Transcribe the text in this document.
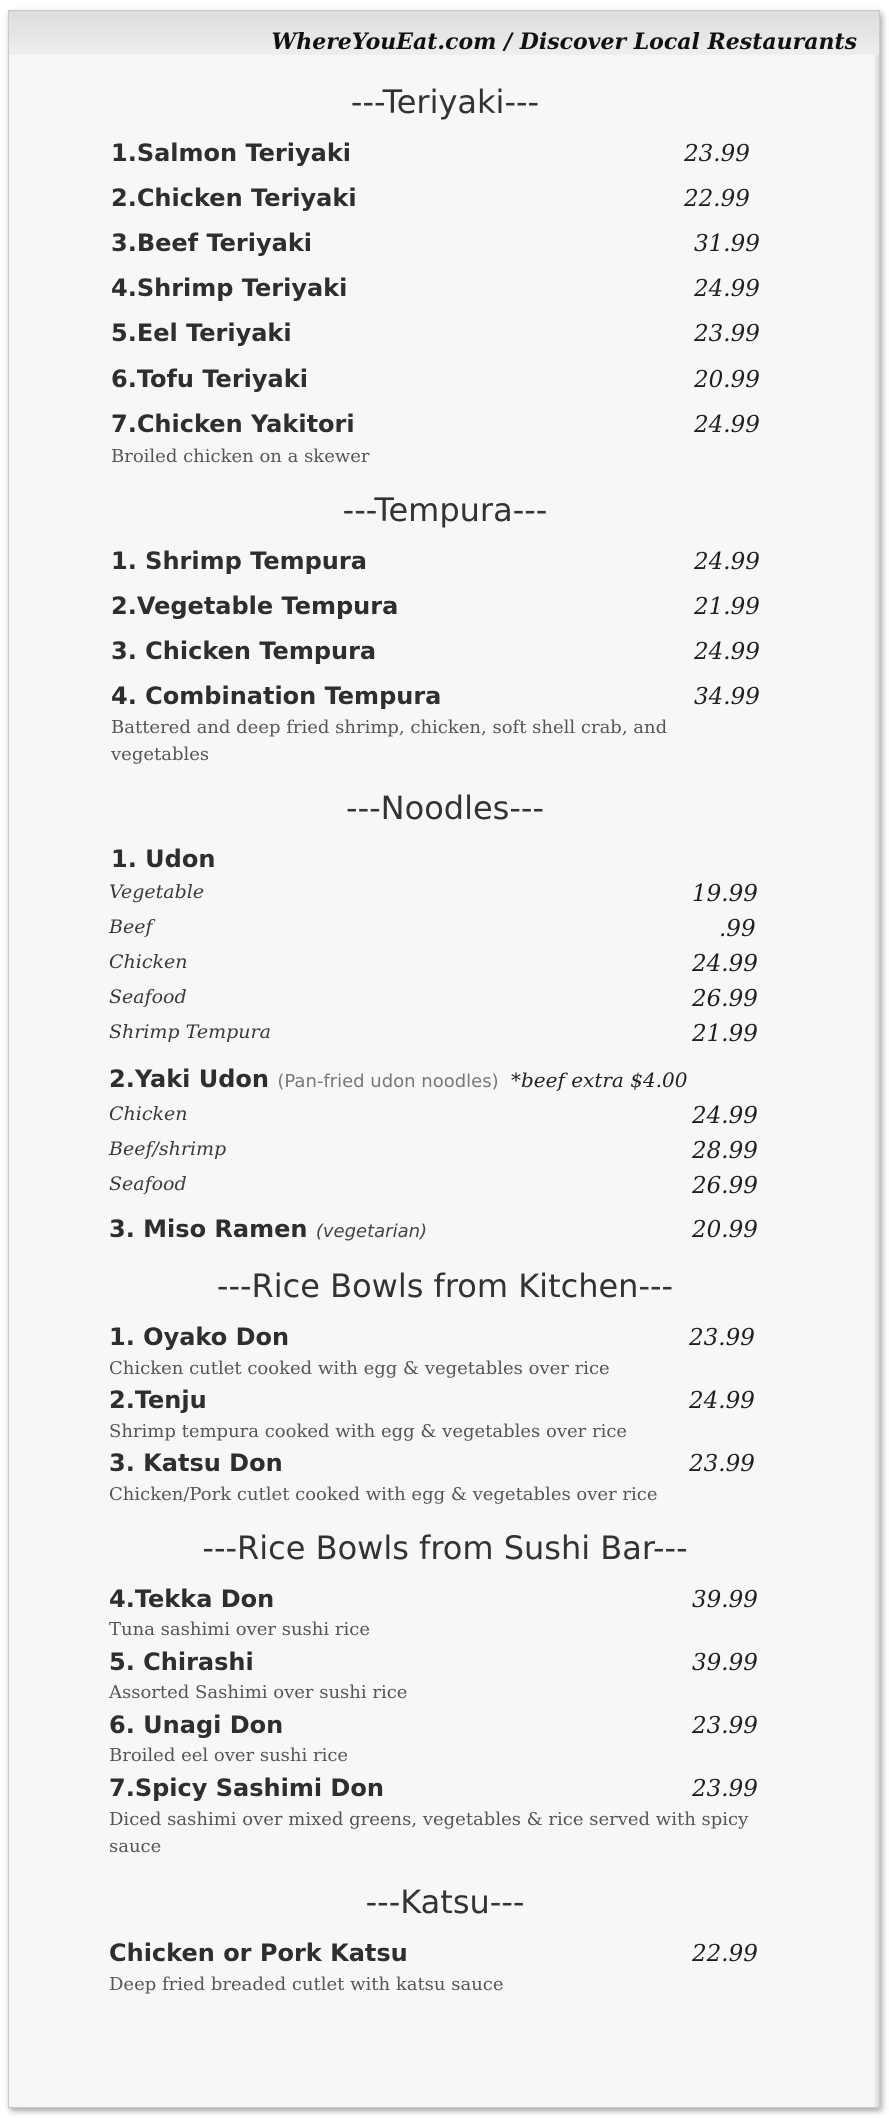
WhereYouEat.com / Discover Local Restaurants
---Teriyaki---
1.Salmon Teriyaki	23.99
2.Chicken Teriyaki	22.99
3.Beef Teriyaki	31.99
4.Shrimp Teriyaki	24.99
5.Eel Teriyaki	23.99
6.Tofu Teriyaki	20.99
7.Chicken Yakitori	24.99
Broiled chicken on a skewer
---Tempura---
1. Shrimp Tempura	24.99
2.Vegetable Tempura	21.99
3. Chicken Tempura	24.99
4. Combination Tempura	34.99
Battered and deep fried shrimp, chicken, soft shell crab, and vegetables
---Noodles---
1. Udon
Vegetable	19.99
Beef	.99
Chicken	24.99
Seafood	26.99
Shrimp Tempura	21.99
2.Yaki Udon (Pan-fried udon noodles) *beef extra $4.00
Chicken	24.99
Beef/shrimp	28.99
Seafood	26.99
3. Miso Ramen (vegetarian)	20.99
---Rice Bowls from Kitchen---
1. Oyako Don	23.99
Chicken cutlet cooked with egg & vegetables over rice
2.Tenju	24.99
Shrimp tempura cooked with egg & vegetables over rice
3. Katsu Don	23.99
Chicken/Pork cutlet cooked with egg & vegetables over rice
---Rice Bowls from Sushi Bar---
4.Tekka Don	39.99
Tuna sashimi over sushi rice
5. Chirashi	39.99
Assorted Sashimi over sushi rice
6. Unagi Don	23.99
Broiled eel over sushi rice
7.Spicy Sashimi Don	23.99
Diced sashimi over mixed greens, vegetables & rice served with spicy sauce
---Katsu---
Chicken or Pork Katsu	22.99
Deep fried breaded cutlet with katsu sauce
